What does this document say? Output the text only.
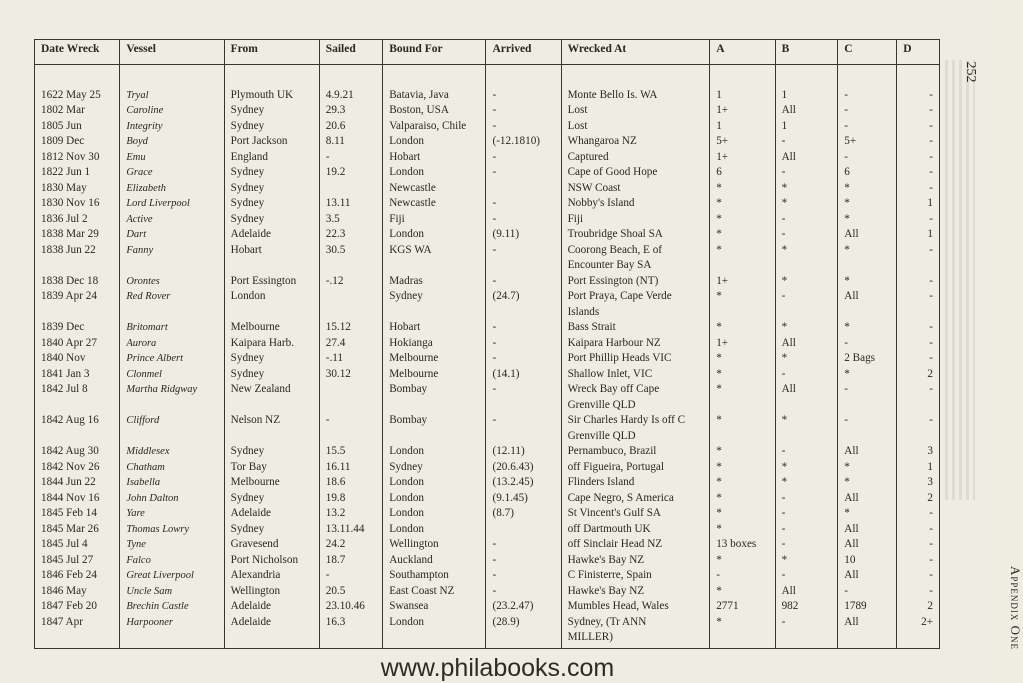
252
Appendix One
Date Wreck	Vessel	From	Sailed	Bound For	Arrived	Wrecked At	A	B	C	D

1622 May 25	Tryal	Plymouth UK	4.9.21	Batavia, Java	-	Monte Bello Is. WA	1	1	-	-
1802 Mar	Caroline	Sydney	29.3	Boston, USA	-	Lost	1+	All	-	-
1805 Jun	Integrity	Sydney	20.6	Valparaiso, Chile	-	Lost	1	1	-	-
1809 Dec	Boyd	Port Jackson	8.11	London	(-12.1810)	Whangaroa NZ	5+	-	5+	-
1812 Nov 30	Emu	England	-	Hobart	-	Captured	1+	All	-	-
1822 Jun 1	Grace	Sydney	19.2	London	-	Cape of Good Hope	6	-	6	-
1830 May	Elizabeth	Sydney		Newcastle		NSW Coast	*	*	*	-
1830 Nov 16	Lord Liverpool	Sydney	13.11	Newcastle	-	Nobby's Island	*	*	*	1
1836 Jul 2	Active	Sydney	3.5	Fiji	-	Fiji	*	-	*	-
1838 Mar 29	Dart	Adelaide	22.3	London	(9.11)	Troubridge Shoal SA	*	-	All	1
1838 Jun 22	Fanny	Hobart	30.5	KGS WA	-	Coorong Beach, E of	*	*	*	-
						Encounter Bay SA				
1838 Dec 18	Orontes	Port Essington	-.12	Madras	-	Port Essington (NT)	1+	*	*	-
1839 Apr 24	Red Rover	London		Sydney	(24.7)	Port Praya, Cape Verde	*	-	All	-
						Islands				
1839 Dec	Britomart	Melbourne	15.12	Hobart	-	Bass Strait	*	*	*	-
1840 Apr 27	Aurora	Kaipara Harb.	27.4	Hokianga	-	Kaipara Harbour NZ	1+	All	-	-
1840 Nov	Prince Albert	Sydney	-.11	Melbourne	-	Port Phillip Heads VIC	*	*	2 Bags	-
1841 Jan 3	Clonmel	Sydney	30.12	Melbourne	(14.1)	Shallow Inlet, VIC	*	-	*	2
1842 Jul 8	Martha Ridgway	New Zealand		Bombay	-	Wreck Bay off Cape	*	All	-	-
						Grenville QLD				
1842 Aug 16	Clifford	Nelson NZ	-	Bombay	-	Sir Charles Hardy Is off C	*	*	-	-
						Grenville QLD				
1842 Aug 30	Middlesex	Sydney	15.5	London	(12.11)	Pernambuco, Brazil	*	-	All	3
1842 Nov 26	Chatham	Tor Bay	16.11	Sydney	(20.6.43)	off Figueira, Portugal	*	*	*	1
1844 Jun 22	Isabella	Melbourne	18.6	London	(13.2.45)	Flinders Island	*	*	*	3
1844 Nov 16	John Dalton	Sydney	19.8	London	(9.1.45)	Cape Negro, S America	*	-	All	2
1845 Feb 14	Yare	Adelaide	13.2	London	(8.7)	St Vincent's Gulf SA	*	-	*	-
1845 Mar 26	Thomas Lowry	Sydney	13.11.44	London		off Dartmouth UK	*	-	All	-
1845 Jul 4	Tyne	Gravesend	24.2	Wellington	-	off Sinclair Head NZ	13 boxes	-	All	-
1845 Jul 27	Falco	Port Nicholson	18.7	Auckland	-	Hawke's Bay NZ	*	*	10	-
1846 Feb 24	Great Liverpool	Alexandria	-	Southampton	-	C Finisterre, Spain	-	-	All	-
1846 May	Uncle Sam	Wellington	20.5	East Coast NZ	-	Hawke's Bay NZ	*	All	-	-
1847 Feb 20	Brechin Castle	Adelaide	23.10.46	Swansea	(23.2.47)	Mumbles Head, Wales	2771	982	1789	2
1847 Apr	Harpooner	Adelaide	16.3	London	(28.9)	Sydney, (Tr ANN	*	-	All	2+
						MILLER)				
www.philabooks.com
